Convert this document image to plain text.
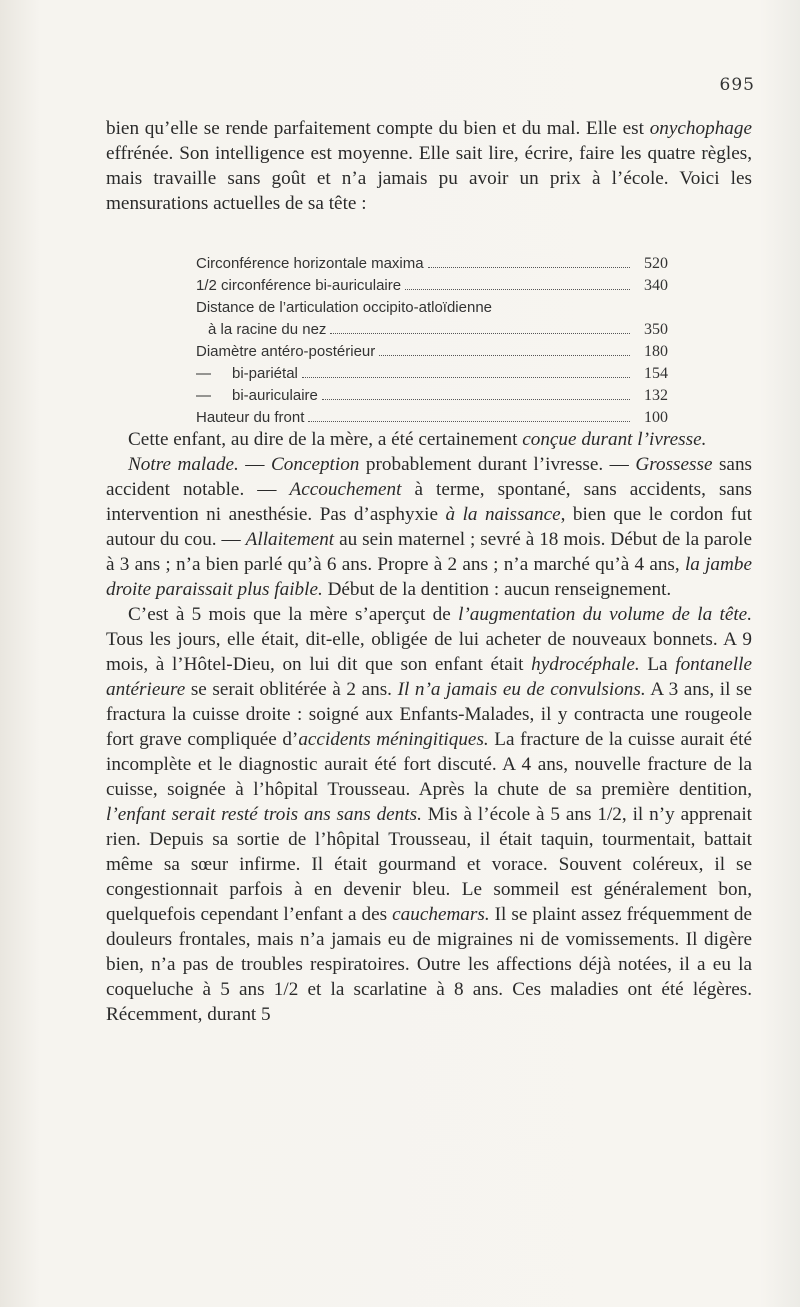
695

bien qu’elle se rende parfaitement compte du bien et du mal. Elle est onychophage effrénée. Son intelligence est moyenne. Elle sait lire, écrire, faire les quatre règles, mais travaille sans goût et n’a jamais pu avoir un prix à l’école. Voici les mensurations actuelles de sa tête :

Circonférence horizontale maxima	520
1/2 circonférence bi-auriculaire	340
Distance de l’articulation occipito-atloïdienne
à la racine du nez	350
Diamètre antéro-postérieur	180
— bi-pariétal	154
— bi-auriculaire	132
Hauteur du front	100

Cette enfant, au dire de la mère, a été certainement conçue durant l’ivresse.

Notre malade. — Conception probablement durant l’ivresse. — Grossesse sans accident notable. — Accouchement à terme, spontané, sans accidents, sans intervention ni anesthésie. Pas d’asphyxie à la naissance, bien que le cordon fut autour du cou. — Allaitement au sein maternel ; sevré à 18 mois. Début de la parole à 3 ans ; n’a bien parlé qu’à 6 ans. Propre à 2 ans ; n’a marché qu’à 4 ans, la jambe droite paraissait plus faible. Début de la dentition : aucun renseignement.

C’est à 5 mois que la mère s’aperçut de l’augmentation du volume de la tête. Tous les jours, elle était, dit-elle, obligée de lui acheter de nouveaux bonnets. A 9 mois, à l’Hôtel-Dieu, on lui dit que son enfant était hydrocéphale. La fontanelle antérieure se serait oblitérée à 2 ans. Il n’a jamais eu de convulsions. A 3 ans, il se fractura la cuisse droite : soigné aux Enfants-Malades, il y contracta une rougeole fort grave compliquée d’accidents méningitiques. La fracture de la cuisse aurait été incomplète et le diagnostic aurait été fort discuté. A 4 ans, nouvelle fracture de la cuisse, soignée à l’hôpital Trousseau. Après la chute de sa première dentition, l’enfant serait resté trois ans sans dents. Mis à l’école à 5 ans 1/2, il n’y apprenait rien. Depuis sa sortie de l’hôpital Trousseau, il était taquin, tourmentait, battait même sa sœur infirme. Il était gourmand et vorace. Souvent coléreux, il se congestionnait parfois à en devenir bleu. Le sommeil est généralement bon, quelquefois cependant l’enfant a des cauchemars. Il se plaint assez fréquemment de douleurs frontales, mais n’a jamais eu de migraines ni de vomissements. Il digère bien, n’a pas de troubles respiratoires. Outre les affections déjà notées, il a eu la coqueluche à 5 ans 1/2 et la scarlatine à 8 ans. Ces maladies ont été légères. Récemment, durant 5
